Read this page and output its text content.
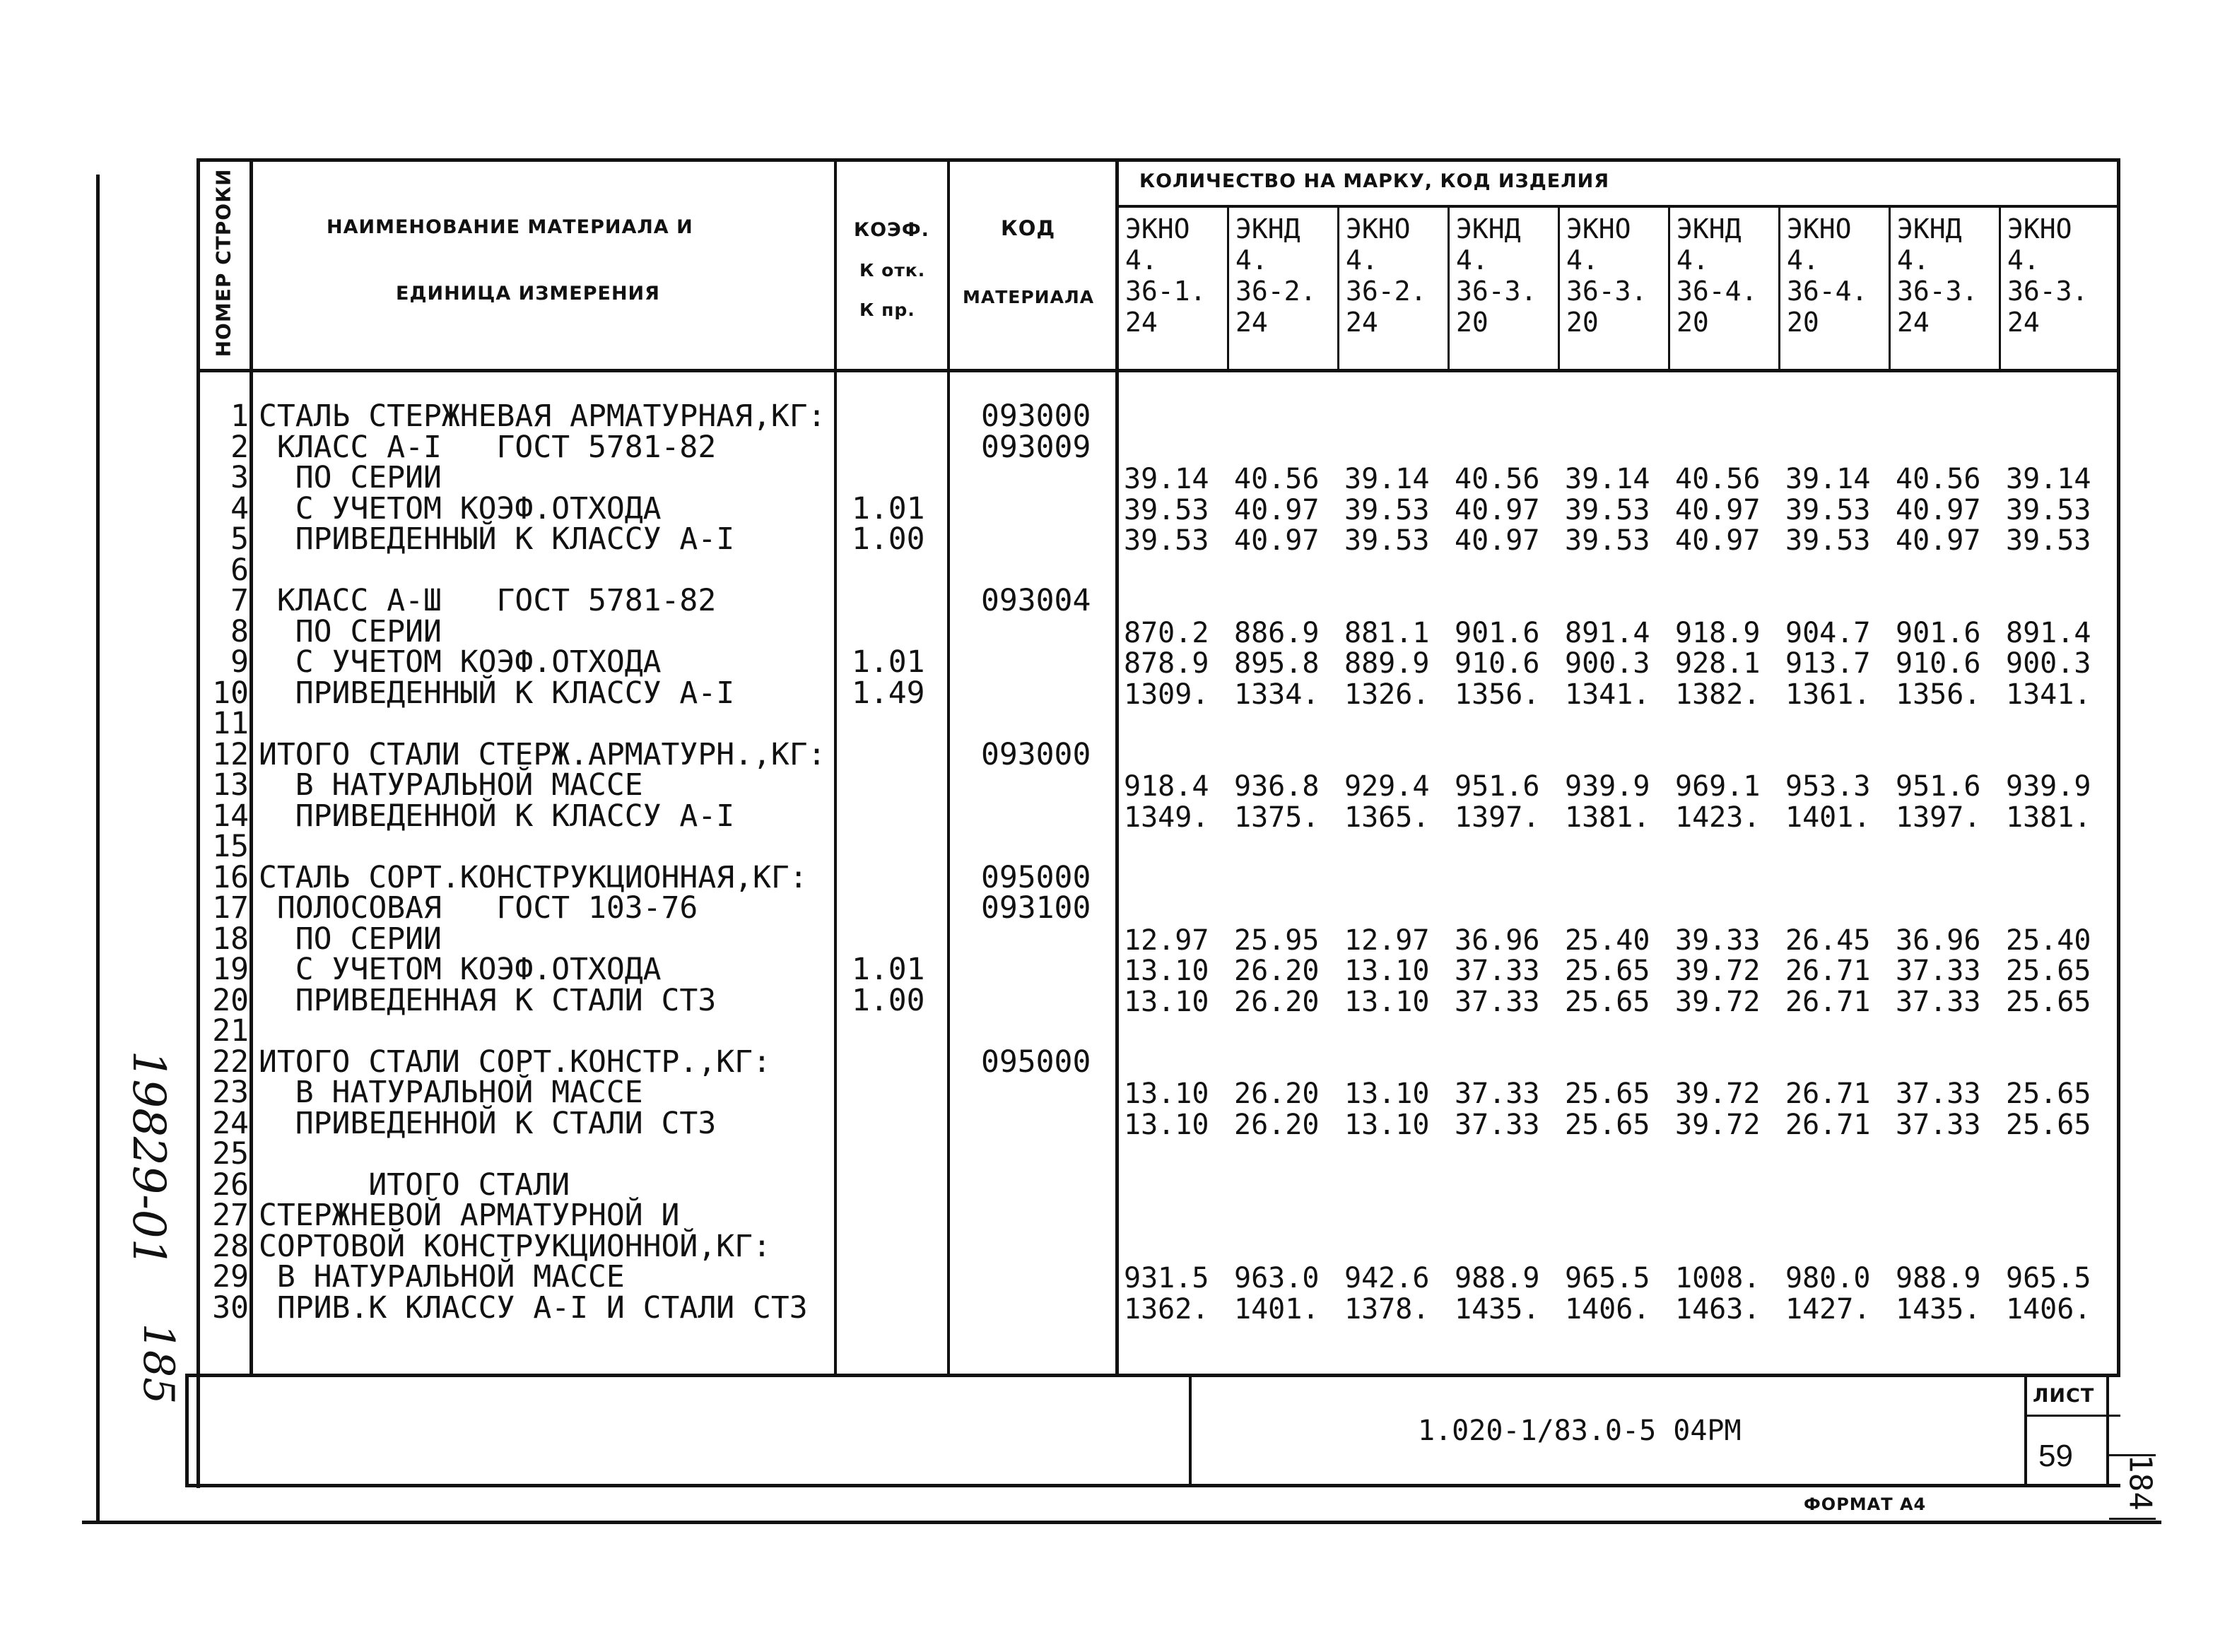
НОМЕР СТРОКИ	НАИМЕНОВАНИЕ МАТЕРИАЛА И
ЕДИНИЦА ИЗМЕРЕНИЯ
КОЭФ.
К отк.
К пр.
КОД
МАТЕРИАЛА
КОЛИЧЕСТВО НА МАРКУ, КОД ИЗДЕЛИЯ
ЭКНО
4.
36-1.
24
ЭКНД
4.
36-2.
24
ЭКНО
4.
36-2.
24
ЭКНД
4.
36-3.
20
ЭКНО
4.
36-3.
20
ЭКНД
4.
36-4.
20
ЭКНО
4.
36-4.
20
ЭКНД
4.
36-3.
24
ЭКНО
4.
36-3.
24
1
2
3
4
5
6
7
8
9
10
11
12
13
14
15
16
17
18
19
20
21
22
23
24
25
26
27
28
29
30
СТАЛЬ СТЕРЖНЕВАЯ АРМАТУРНАЯ,КГ:
КЛАСС А-I   ГОСТ 5781-82
ПО СЕРИИ
С УЧЕТОМ КОЭФ.ОТХОДА
ПРИВЕДЕННЫЙ К КЛАССУ А-I
КЛАСС А-Ш   ГОСТ 5781-82
ПО СЕРИИ
С УЧЕТОМ КОЭФ.ОТХОДА
ПРИВЕДЕННЫЙ К КЛАССУ А-I
ИТОГО СТАЛИ СТЕРЖ.АРМАТУРН.,КГ:
В НАТУРАЛЬНОЙ МАССЕ
ПРИВЕДЕННОЙ К КЛАССУ А-I
СТАЛЬ СОРТ.КОНСТРУКЦИОННАЯ,КГ:
ПОЛОСОВАЯ   ГОСТ 103-76
ПО СЕРИИ
С УЧЕТОМ КОЭФ.ОТХОДА
ПРИВЕДЕННАЯ К СТАЛИ СТЗ
ИТОГО СТАЛИ СОРТ.КОНСТР.,КГ:
В НАТУРАЛЬНОЙ МАССЕ
ПРИВЕДЕННОЙ К СТАЛИ СТЗ
ИТОГО СТАЛИ
СТЕРЖНЕВОЙ АРМАТУРНОЙ И
СОРТОВОЙ КОНСТРУКЦИОННОЙ,КГ:
В НАТУРАЛЬНОЙ МАССЕ
ПРИВ.К КЛАССУ А-I И СТАЛИ СТЗ
1.01
1.00
1.01
1.49
1.01
1.00
093000
093009
093004
093000
095000
093100
095000
39.14 40.56 39.14 40.56 39.14 40.56 39.14 40.56 39.14
39.53 40.97 39.53 40.97 39.53 40.97 39.53 40.97 39.53
39.53 40.97 39.53 40.97 39.53 40.97 39.53 40.97 39.53
870.2 886.9 881.1 901.6 891.4 918.9 904.7 901.6 891.4
878.9 895.8 889.9 910.6 900.3 928.1 913.7 910.6 900.3
1309. 1334. 1326. 1356. 1341. 1382. 1361. 1356. 1341.
918.4 936.8 929.4 951.6 939.9 969.1 953.3 951.6 939.9
1349. 1375. 1365. 1397. 1381. 1423. 1401. 1397. 1381.
12.97 25.95 12.97 36.96 25.40 39.33 26.45 36.96 25.40
13.10 26.20 13.10 37.33 25.65 39.72 26.71 37.33 25.65
13.10 26.20 13.10 37.33 25.65 39.72 26.71 37.33 25.65
13.10 26.20 13.10 37.33 25.65 39.72 26.71 37.33 25.65
13.10 26.20 13.10 37.33 25.65 39.72 26.71 37.33 25.65
931.5 963.0 942.6 988.9 965.5 1008. 980.0 988.9 965.5
1362. 1401. 1378. 1435. 1406. 1463. 1427. 1435. 1406.
1.020-1/83.0-5 04РМ
ЛИСТ
59
ФОРМАТ А4
19829-01
185
184
